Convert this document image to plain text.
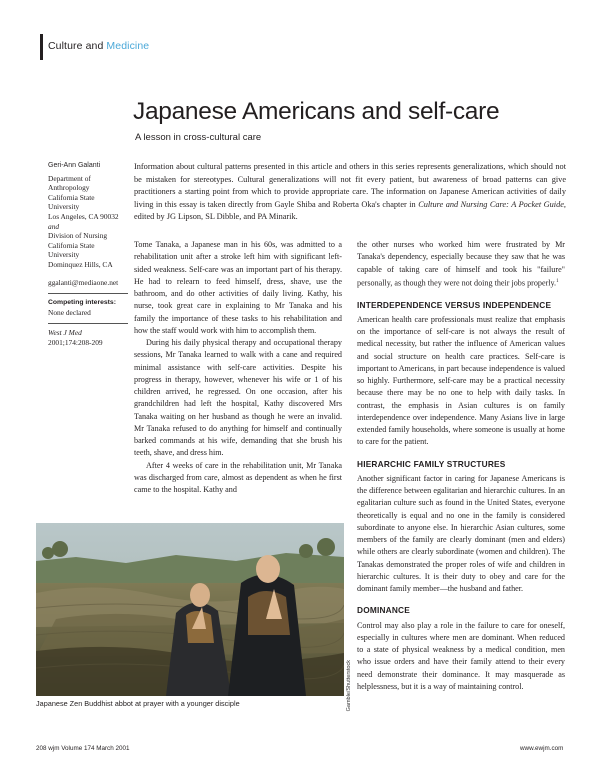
Culture and Medicine
Japanese Americans and self-care
A lesson in cross-cultural care
Geri-Ann Galanti
Department of
Anthropology
California State
University
Los Angeles, CA 90032
and
Division of Nursing
California State
University
Dominquez Hills, CA
ggalanti@mediaone.net
Competing interests:
None declared
West J Med
2001;174:208-209
Information about cultural patterns presented in this article and others in this series represents generalizations, which should not be mistaken for stereotypes. Cultural generalizations will not fit every patient, but awareness of broad patterns can give practitioners a starting point from which to provide appropriate care. The information on Japanese American activities of daily living in this essay is taken directly from Gayle Shiba and Roberta Oka's chapter in Culture and Nursing Care: A Pocket Guide, edited by JG Lipson, SL Dibble, and PA Minarik.

Tome Tanaka, a Japanese man in his 60s, was admitted to a rehabilitation unit after a stroke left him with significant left-sided weakness. Self-care was an important part of his therapy. He had to relearn to feed himself, dress, shave, use the bathroom, and do other activities of daily living. Kathy, his nurse, took great care in explaining to Mr Tanaka and his family the importance of these tasks to his rehabilitation and how the staff would work with him to accomplish them.

During his daily physical therapy and occupational therapy sessions, Mr Tanaka learned to walk with a cane and required minimal assistance with self-care activities. Despite his progress in therapy, however, whenever his wife or 1 of his children arrived, he regressed. On one occasion, after his grandchildren had left the hospital, Kathy discovered Mrs Tanaka waiting on her husband as though he were an invalid. Mr Tanaka refused to do anything for himself and continually barked commands at his wife, demanding that she brush his teeth, shave, and dress him.

After 4 weeks of care in the rehabilitation unit, Mr Tanaka was discharged from care, almost as dependent as when he first came to the hospital. Kathy and

the other nurses who worked him were frustrated by Mr Tanaka's dependency, especially because they saw that he was capable of taking care of himself and took his "failure" personally, as though they were not doing their jobs properly.$^1$

INTERDEPENDENCE VERSUS INDEPENDENCE

American health care professionals must realize that emphasis on the importance of self-care is not always the result of medical necessity, but rather the influence of American values and social structure on health care practices. Self-care is important to Americans, in part because independence is valued so highly. Furthermore, self-care may be a practical necessity because there may be no one to help with daily tasks. In contrast, the emphasis in Asian cultures is on family interdependence over independence. Many Asians live in large extended family households, where someone is usually at home to care for the patient.

HIERARCHIC FAMILY STRUCTURES

Another significant factor in caring for Japanese Americans is the difference between egalitarian and hierarchic cultures. In an egalitarian culture such as found in the United States, everyone theoretically is equal and no one in the family is considered subordinate to anyone else. In hierarchic Asian cultures, some members of the family are clearly dominant (men and elders) while others are clearly subordinate (women and children). The Tanakas demonstrated the proper roles of wife and children in hierarchic cultures. It is their duty to obey and care for the dominant family member—the husband and father.

DOMINANCE

Control may also play a role in the failure to care for oneself, especially in cultures where men are dominant. When reduced to a state of physical weakness by a medical condition, men who issue orders and have their family attend to their every need demonstrate their dominance. It may masquerade as helplessness, but it is a way of maintaining control.

Gamble/Shutterstock
Japanese Zen Buddhist abbot at prayer with a younger disciple
208 wjm Volume 174 March 2001	www.ewjm.com
